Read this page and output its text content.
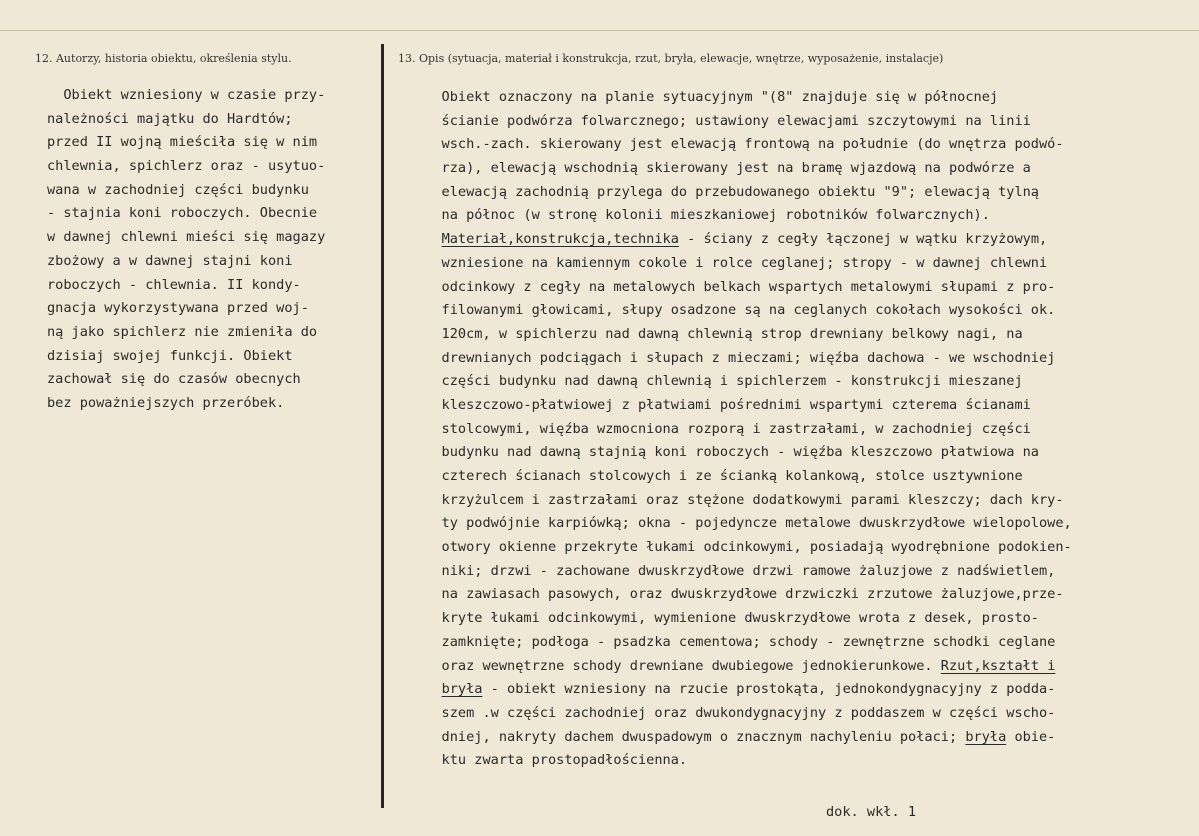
12. Autorzy, historia obiektu, określenia stylu.	13. Opis (sytuacja, materiał i konstrukcja, rzut, bryła, elewacje, wnętrze, wyposażenie, instalacje)
Obiekt wzniesiony w czasie przy-
należności majątku do Hardtów;
przed II wojną mieściła się w nim
chlewnia, spichlerz oraz - usytuo-
wana w zachodniej części budynku
- stajnia koni roboczych. Obecnie
w dawnej chlewni mieści się magazy
zbożowy a w dawnej stajni koni
roboczych - chlewnia. II kondy-
gnacja wykorzystywana przed woj-
ną jako spichlerz nie zmieniła do
dzisiaj swojej funkcji. Obiekt
zachował się do czasów obecnych
bez poważniejszych przeróbek.
Obiekt oznaczony na planie sytuacyjnym "(8" znajduje się w północnej
ścianie podwórza folwarcznego; ustawiony elewacjami szczytowymi na linii
wsch.-zach. skierowany jest elewacją frontową na południe (do wnętrza podwó-
rza), elewacją wschodnią skierowany jest na bramę wjazdową na podwórze a
elewacją zachodnią przylega do przebudowanego obiektu "9"; elewacją tylną
na północ (w stronę kolonii mieszkaniowej robotników folwarcznych).
Materiał,konstrukcja,technika - ściany z cegły łączonej w wątku krzyżowym,
wzniesione na kamiennym cokole i rolce ceglanej; stropy - w dawnej chlewni
odcinkowy z cegły na metalowych belkach wspartych metalowymi słupami z pro-
filowanymi głowicami, słupy osadzone są na ceglanych cokołach wysokości ok.
120cm, w spichlerzu nad dawną chlewnią strop drewniany belkowy nagi, na
drewnianych podciągach i słupach z mieczami; więźba dachowa - we wschodniej
części budynku nad dawną chlewnią i spichlerzem - konstrukcji mieszanej
kleszczowo-płatwiowej z płatwiami pośrednimi wspartymi czterema ścianami
stolcowymi, więźba wzmocniona rozporą i zastrzałami, w zachodniej części
budynku nad dawną stajnią koni roboczych - więźba kleszczowo płatwiowa na
czterech ścianach stolcowych i ze ścianką kolankową, stolce usztywnione
krzyżulcem i zastrzałami oraz stężone dodatkowymi parami kleszczy; dach kry-
ty podwójnie karpiówką; okna - pojedyncze metalowe dwuskrzydłowe wielopolowe,
otwory okienne przekryte łukami odcinkowymi, posiadają wyodrębnione podokien-
niki; drzwi - zachowane dwuskrzydłowe drzwi ramowe żaluzjowe z nadświetlem,
na zawiasach pasowych, oraz dwuskrzydłowe drzwiczki zrzutowe żaluzjowe,prze-
kryte łukami odcinkowymi, wymienione dwuskrzydłowe wrota z desek, prosto-
zamknięte; podłoga - psadzka cementowa; schody - zewnętrzne schodki ceglane
oraz wewnętrzne schody drewniane dwubiegowe jednokierunkowe. Rzut,kształt i
bryła - obiekt wzniesiony na rzucie prostokąta, jednokondygnacyjny z podda-
szem .w części zachodniej oraz dwukondygnacyjny z poddaszem w części wscho-
dniej, nakryty dachem dwuspadowym o znacznym nachyleniu połaci; bryła obie-
ktu zwarta prostopadłościenna.
dok. wkł. 1
